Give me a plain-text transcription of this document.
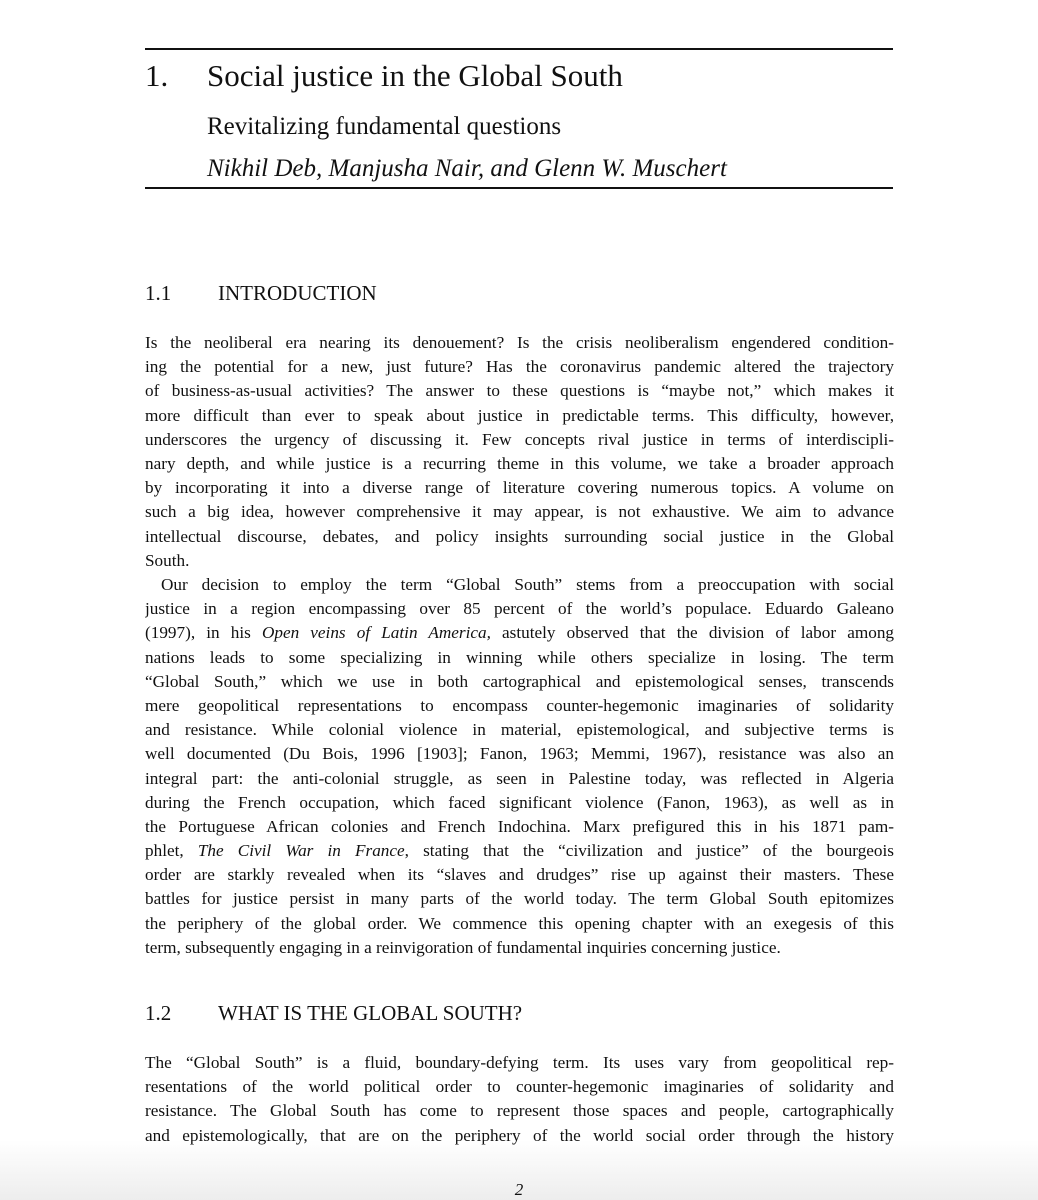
1. Social justice in the Global South
Revitalizing fundamental questions
Nikhil Deb, Manjusha Nair, and Glenn W. Muschert
1.1 INTRODUCTION
Is the neoliberal era nearing its denouement? Is the crisis neoliberalism engendered condition-
ing the potential for a new, just future? Has the coronavirus pandemic altered the trajectory
of business-as-usual activities? The answer to these questions is “maybe not,” which makes it
more difficult than ever to speak about justice in predictable terms. This difficulty, however,
underscores the urgency of discussing it. Few concepts rival justice in terms of interdiscipli-
nary depth, and while justice is a recurring theme in this volume, we take a broader approach
by incorporating it into a diverse range of literature covering numerous topics. A volume on
such a big idea, however comprehensive it may appear, is not exhaustive. We aim to advance
intellectual discourse, debates, and policy insights surrounding social justice in the Global
South.
Our decision to employ the term “Global South” stems from a preoccupation with social
justice in a region encompassing over 85 percent of the world’s populace. Eduardo Galeano
(1997), in his Open veins of Latin America, astutely observed that the division of labor among
nations leads to some specializing in winning while others specialize in losing. The term
“Global South,” which we use in both cartographical and epistemological senses, transcends
mere geopolitical representations to encompass counter-hegemonic imaginaries of solidarity
and resistance. While colonial violence in material, epistemological, and subjective terms is
well documented (Du Bois, 1996 [1903]; Fanon, 1963; Memmi, 1967), resistance was also an
integral part: the anti-colonial struggle, as seen in Palestine today, was reflected in Algeria
during the French occupation, which faced significant violence (Fanon, 1963), as well as in
the Portuguese African colonies and French Indochina. Marx prefigured this in his 1871 pam-
phlet, The Civil War in France, stating that the “civilization and justice” of the bourgeois
order are starkly revealed when its “slaves and drudges” rise up against their masters. These
battles for justice persist in many parts of the world today. The term Global South epitomizes
the periphery of the global order. We commence this opening chapter with an exegesis of this
term, subsequently engaging in a reinvigoration of fundamental inquiries concerning justice.
1.2 WHAT IS THE GLOBAL SOUTH?
The “Global South” is a fluid, boundary-defying term. Its uses vary from geopolitical rep-
resentations of the world political order to counter-hegemonic imaginaries of solidarity and
resistance. The Global South has come to represent those spaces and people, cartographically
and epistemologically, that are on the periphery of the world social order through the history
2
